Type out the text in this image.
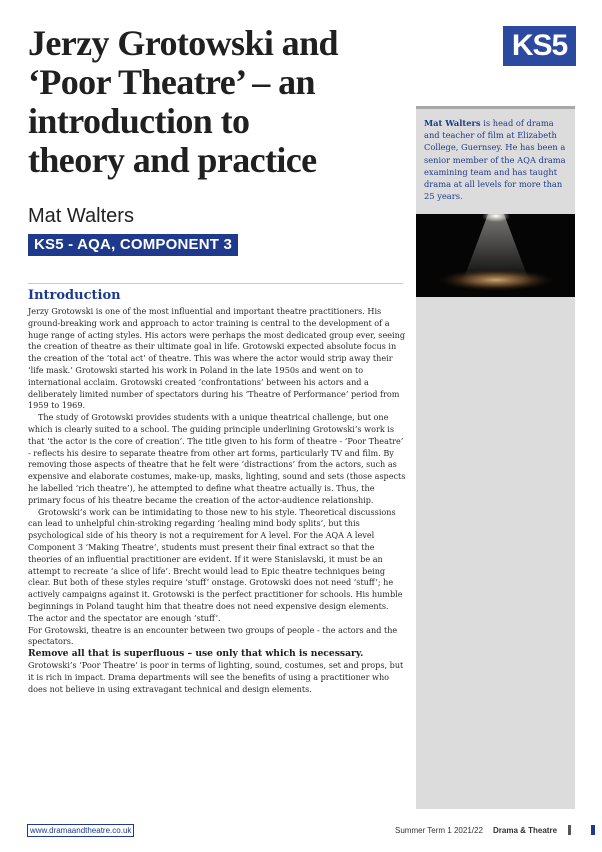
Jerzy Grotowski and
‘Poor Theatre’ – an
introduction to
theory and practice
KS5
Mat Walters
KS5 - AQA, COMPONENT 3

Mat Walters is head of drama and teacher of film at Elizabeth College, Guernsey. He has been a senior member of the AQA drama examining team and has taught drama at all levels for more than 25 years.

Introduction

Jerzy Grotowski is one of the most influential and important theatre practitioners. His ground-breaking work and approach to actor training is central to the development of a huge range of acting styles. His actors were perhaps the most dedicated group ever, seeing the creation of theatre as their ultimate goal in life. Grotowski expected absolute focus in the creation of the ‘total act’ of theatre. This was where the actor would strip away their ‘life mask.’ Grotowski started his work in Poland in the late 1950s and went on to international acclaim. Grotowski created ‘confrontations’ between his actors and a deliberately limited number of spectators during his ‘Theatre of Performance’ period from 1959 to 1969.

The study of Grotowski provides students with a unique theatrical challenge, but one which is clearly suited to a school. The guiding principle underlining Grotowski’s work is that ‘the actor is the core of creation’. The title given to his form of theatre - ‘Poor Theatre’ - reflects his desire to separate theatre from other art forms, particularly TV and film. By removing those aspects of theatre that he felt were ‘distractions’ from the actors, such as expensive and elaborate costumes, make-up, masks, lighting, sound and sets (those aspects he labelled ‘rich theatre’), he attempted to define what theatre actually is. Thus, the primary focus of his theatre became the creation of the actor-audience relationship.

Grotowski’s work can be intimidating to those new to his style. Theoretical discussions can lead to unhelpful chin-stroking regarding ‘healing mind body splits’, but this psychological side of his theory is not a requirement for A level. For the AQA A level Component 3 ‘Making Theatre’, students must present their final extract so that the theories of an influential practitioner are evident. If it were Stanislavski, it must be an attempt to recreate ‘a slice of life’. Brecht would lead to Epic theatre techniques being clear. But both of these styles require ‘stuff’ onstage. Grotowski does not need ‘stuff’; he actively campaigns against it. Grotowski is the perfect practitioner for schools. His humble beginnings in Poland taught him that theatre does not need expensive design elements. The actor and the spectator are enough ‘stuff’.

For Grotowski, theatre is an encounter between two groups of people - the actors and the spectators.

Remove all that is superfluous – use only that which is necessary.

Grotowski’s ‘Poor Theatre’ is poor in terms of lighting, sound, costumes, set and props, but it is rich in impact. Drama departments will see the benefits of using a practitioner who does not believe in using extravagant technical and design elements.

www.dramaandtheatre.co.uk	Summer Term 1 2021/22 Drama & Theatre
